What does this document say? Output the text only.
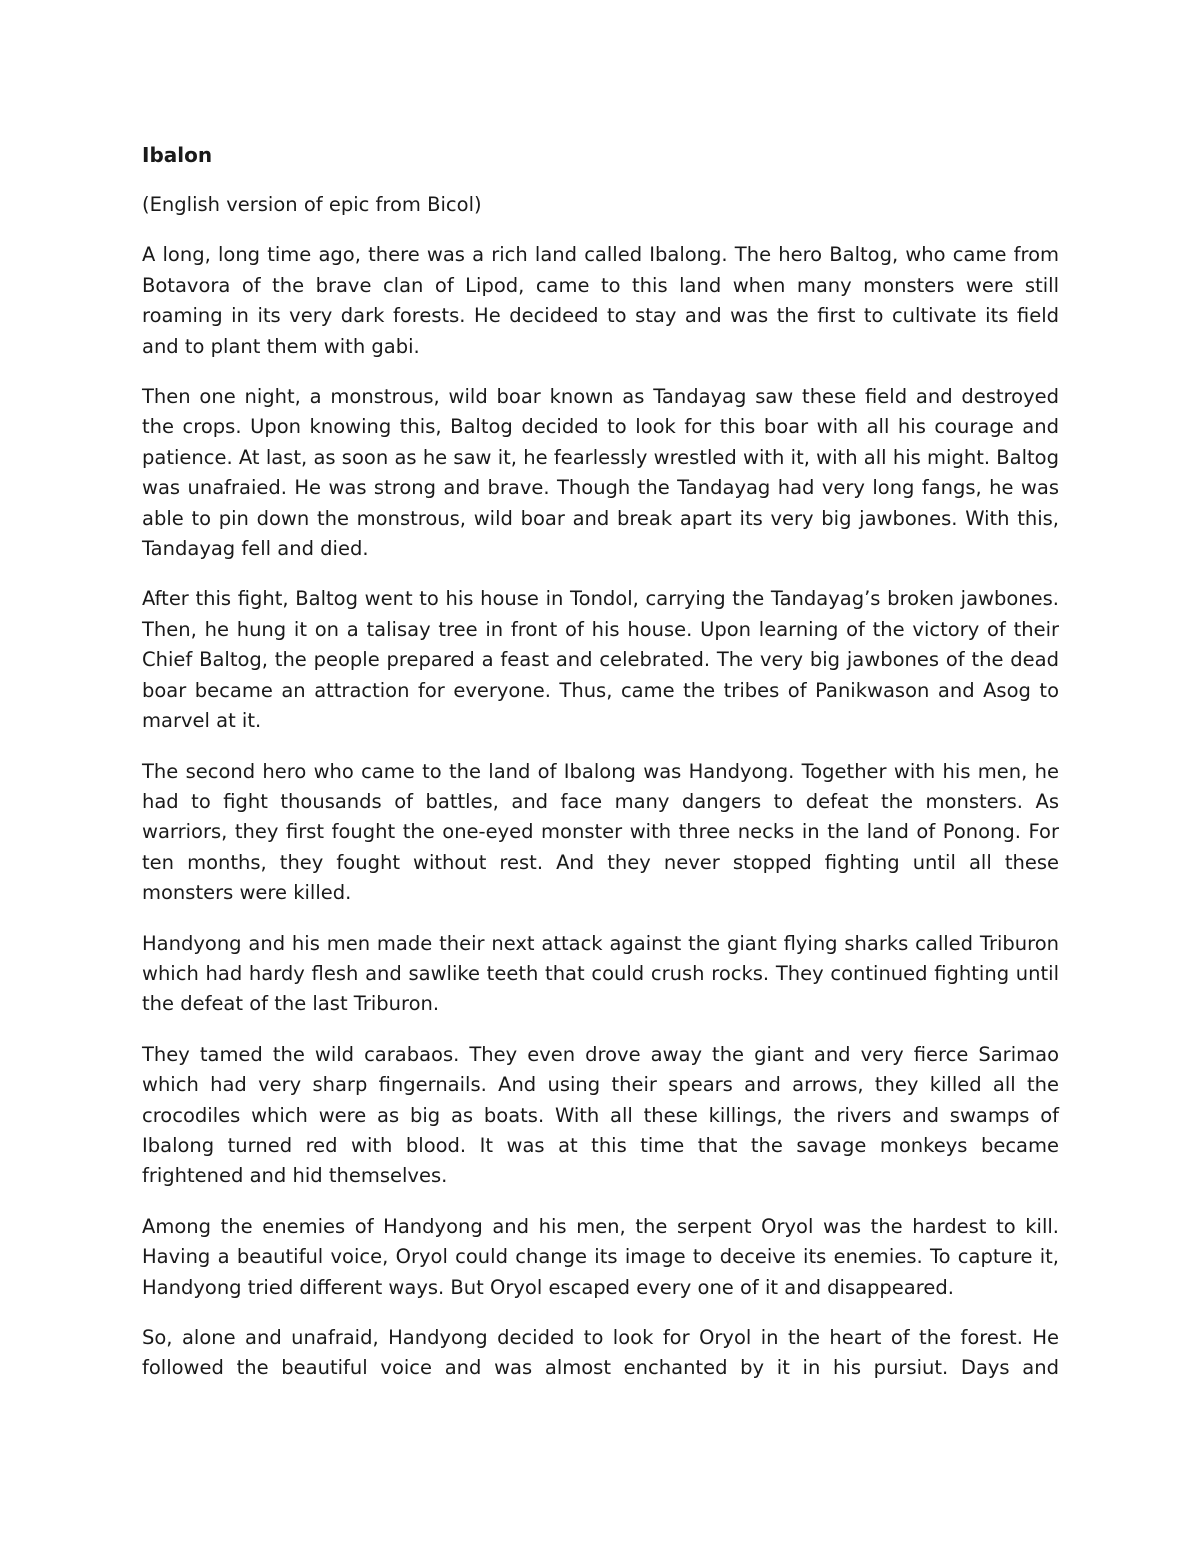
Ibalon

(English version of epic from Bicol)

A long, long time ago, there was a rich land called Ibalong. The hero Baltog, who came from Botavora of the brave clan of Lipod, came to this land when many monsters were still roaming in its very dark forests. He decideed to stay and was the first to cultivate its field and to plant them with gabi.

Then one night, a monstrous, wild boar known as Tandayag saw these field and destroyed the crops. Upon knowing this, Baltog decided to look for this boar with all his courage and patience. At last, as soon as he saw it, he fearlessly wrestled with it, with all his might. Baltog was unafraied. He was strong and brave. Though the Tandayag had very long fangs, he was able to pin down the monstrous, wild boar and break apart its very big jawbones. With this, Tandayag fell and died.

After this fight, Baltog went to his house in Tondol, carrying the Tandayag’s broken jawbones. Then, he hung it on a talisay tree in front of his house. Upon learning of the victory of their Chief Baltog, the people prepared a feast and celebrated. The very big jawbones of the dead boar became an attraction for everyone. Thus, came the tribes of Panikwason and Asog to marvel at it.

The second hero who came to the land of Ibalong was Handyong. Together with his men, he had to fight thousands of battles, and face many dangers to defeat the monsters. As warriors, they first fought the one-eyed monster with three necks in the land of Ponong. For ten months, they fought without rest. And they never stopped fighting until all these monsters were killed.

Handyong and his men made their next attack against the giant flying sharks called Triburon which had hardy flesh and sawlike teeth that could crush rocks. They continued fighting until the defeat of the last Triburon.

They tamed the wild carabaos. They even drove away the giant and very fierce Sarimao which had very sharp fingernails. And using their spears and arrows, they killed all the crocodiles which were as big as boats. With all these killings, the rivers and swamps of Ibalong turned red with blood. It was at this time that the savage monkeys became frightened and hid themselves.

Among the enemies of Handyong and his men, the serpent Oryol was the hardest to kill. Having a beautiful voice, Oryol could change its image to deceive its enemies. To capture it, Handyong tried different ways. But Oryol escaped every one of it and disappeared.

So, alone and unafraid, Handyong decided to look for Oryol in the heart of the forest. He followed the beautiful voice and was almost enchanted by it in his pursiut. Days and
